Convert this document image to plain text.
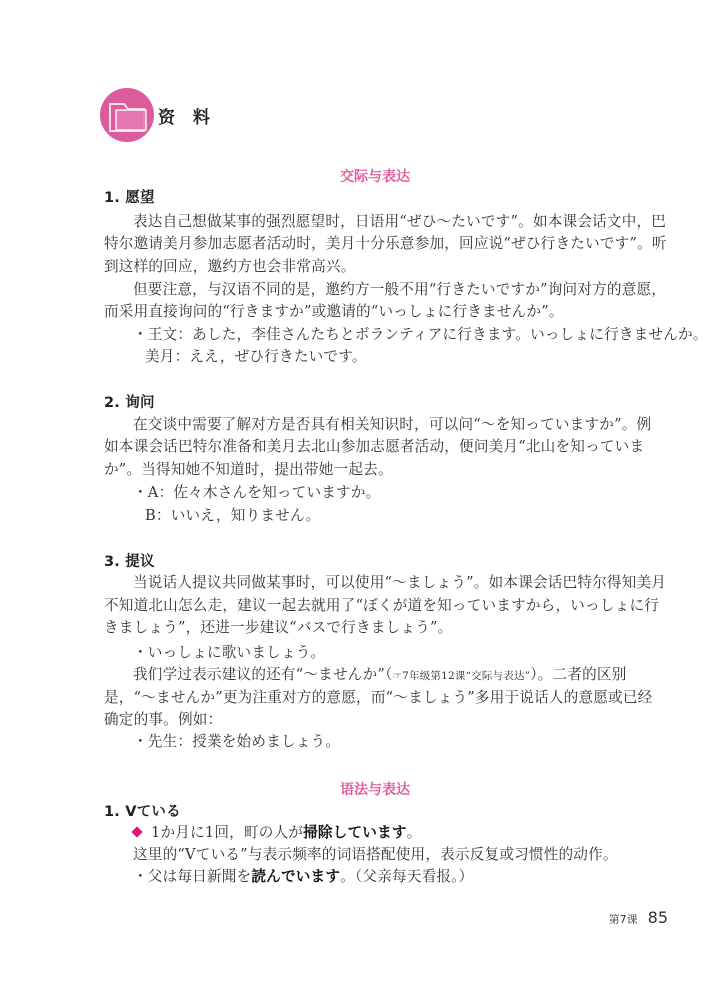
资 料

交际与表达
1. 愿望
表达自己想做某事的强烈愿望时，日语用“ぜひ～たいです”。如本课会话文中，巴
特尔邀请美月参加志愿者活动时，美月十分乐意参加，回应说“ぜひ行きたいです”。听
到这样的回应，邀约方也会非常高兴。
但要注意，与汉语不同的是，邀约方一般不用“行きたいですか”询问对方的意愿，
而采用直接询问的“行きますか”或邀请的“いっしょに行きませんか”。
・王文：あした，李佳さんたちとボランティアに行きます。いっしょに行きませんか。
美月：ええ，ぜひ行きたいです。
2. 询问
在交谈中需要了解对方是否具有相关知识时，可以问“～を知っていますか”。例
如本课会话巴特尔准备和美月去北山参加志愿者活动，便问美月“北山を知っていま
か”。当得知她不知道时，提出带她一起去。
・A：佐々木さんを知っていますか。
B：いいえ，知りません。
3. 提议
当说话人提议共同做某事时，可以使用“～ましょう”。如本课会话巴特尔得知美月
不知道北山怎么走，建议一起去就用了“ぼくが道を知っていますから，いっしょに行
きましょう”，还进一步建议“バスで行きましょう”。
・いっしょに歌いましょう。
我们学过表示建议的还有“～ませんか”（☞7年级第12课“交际与表达”）。二者的区别
是，“～ませんか”更为注重对方的意愿，而“～ましょう”多用于说话人的意愿或已经
确定的事。例如：
・先生：授業を始めましょう。
语法与表达
1. Vている
1か月に1回，町の人が掃除しています。
这里的“Vている”与表示频率的词语搭配使用，表示反复或习惯性的动作。
・父は毎日新聞を読んでいます。（父亲每天看报。）
第7课 85
